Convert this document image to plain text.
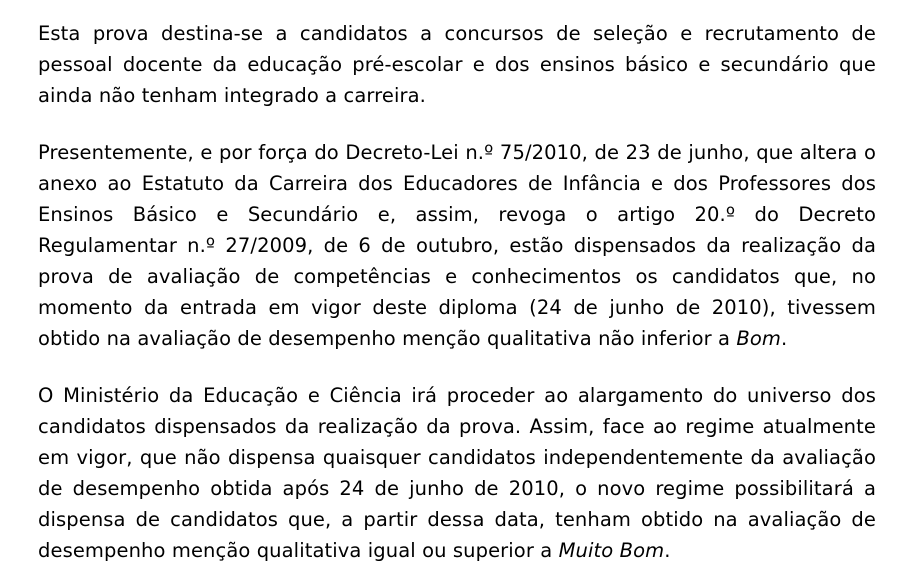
Esta prova destina-se a candidatos a concursos de seleção e recrutamento de pessoal docente da educação pré-escolar e dos ensinos básico e secundário que ainda não tenham integrado a carreira.

Presentemente, e por força do Decreto-Lei n.º 75/2010, de 23 de junho, que altera o anexo ao Estatuto da Carreira dos Educadores de Infância e dos Professores dos Ensinos Básico e Secundário e, assim, revoga o artigo 20.º do Decreto Regulamentar n.º 27/2009, de 6 de outubro, estão dispensados da realização da prova de avaliação de competências e conhecimentos os candidatos que, no momento da entrada em vigor deste diploma (24 de junho de 2010), tivessem obtido na avaliação de desempenho menção qualitativa não inferior a Bom.

O Ministério da Educação e Ciência irá proceder ao alargamento do universo dos candidatos dispensados da realização da prova. Assim, face ao regime atualmente em vigor, que não dispensa quaisquer candidatos independentemente da avaliação de desempenho obtida após 24 de junho de 2010, o novo regime possibilitará a dispensa de candidatos que, a partir dessa data, tenham obtido na avaliação de desempenho menção qualitativa igual ou superior a Muito Bom.
